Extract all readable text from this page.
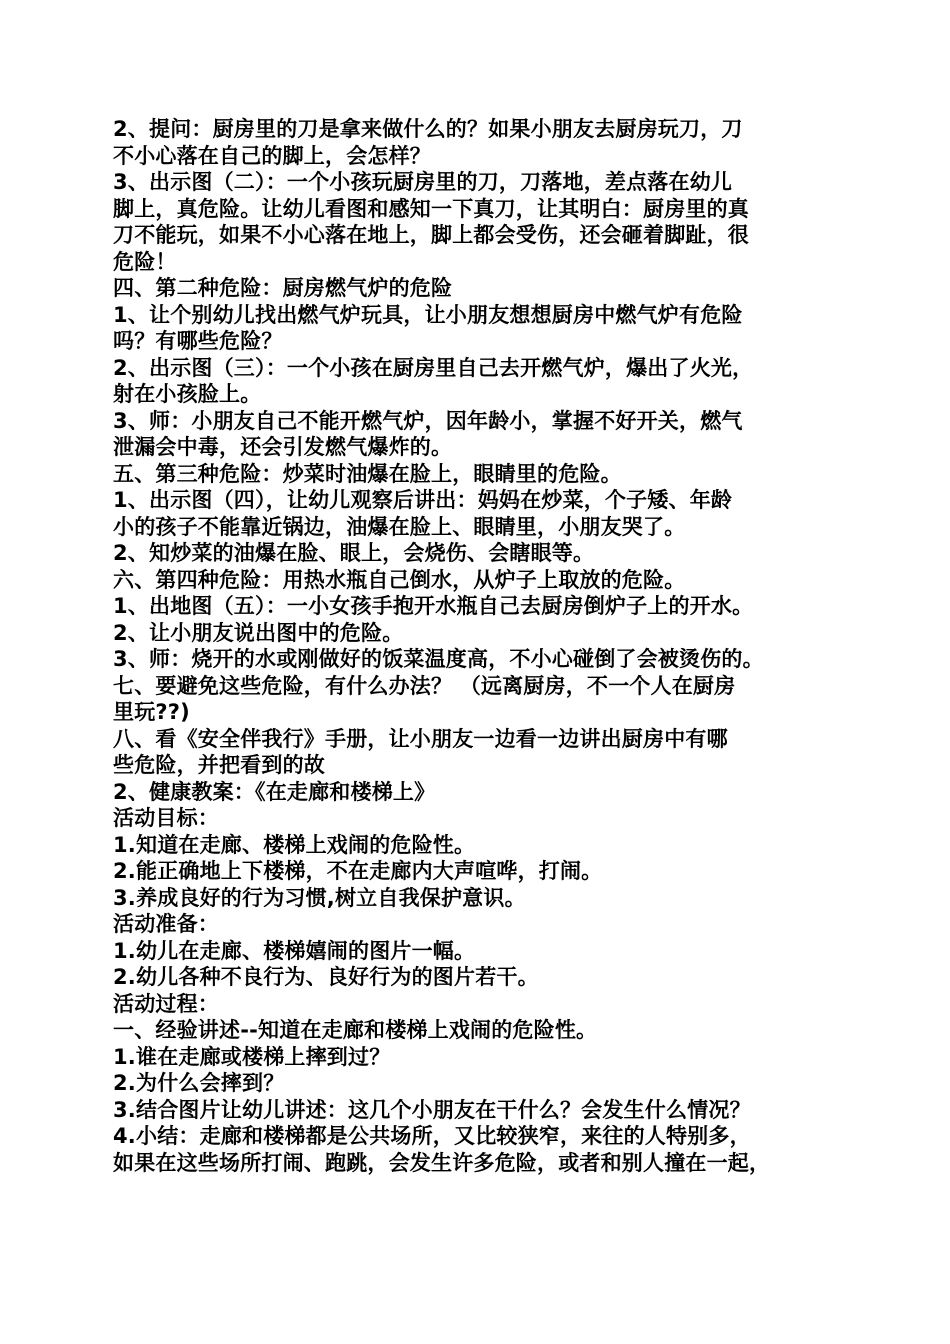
2、提问：厨房里的刀是拿来做什么的？如果小朋友去厨房玩刀，刀
不小心落在自己的脚上，会怎样？
3、出示图（二）：一个小孩玩厨房里的刀，刀落地，差点落在幼儿
脚上，真危险。让幼儿看图和感知一下真刀，让其明白：厨房里的真
刀不能玩，如果不小心落在地上，脚上都会受伤，还会砸着脚趾，很
危险！
四、第二种危险：厨房燃气炉的危险
1、让个别幼儿找出燃气炉玩具，让小朋友想想厨房中燃气炉有危险
吗？有哪些危险？
2、出示图（三）：一个小孩在厨房里自己去开燃气炉，爆出了火光，
射在小孩脸上。
3、师：小朋友自己不能开燃气炉，因年龄小，掌握不好开关，燃气
泄漏会中毒，还会引发燃气爆炸的。
五、第三种危险：炒菜时油爆在脸上，眼睛里的危险。
1、出示图（四），让幼儿观察后讲出：妈妈在炒菜，个子矮、年龄
小的孩子不能靠近锅边，油爆在脸上、眼睛里，小朋友哭了。
2、知炒菜的油爆在脸、眼上，会烧伤、会瞎眼等。
六、第四种危险：用热水瓶自己倒水，从炉子上取放的危险。
1、出地图（五）：一小女孩手抱开水瓶自己去厨房倒炉子上的开水。
2、让小朋友说出图中的危险。
3、师：烧开的水或刚做好的饭菜温度高，不小心碰倒了会被烫伤的。
七、要避免这些危险，有什么办法？ （远离厨房，不一个人在厨房
里玩??)
八、看《安全伴我行》手册，让小朋友一边看一边讲出厨房中有哪
些危险，并把看到的故
2、健康教案：《在走廊和楼梯上》
活动目标：
1.知道在走廊、楼梯上戏闹的危险性。
2.能正确地上下楼梯，不在走廊内大声喧哗，打闹。
3.养成良好的行为习惯,树立自我保护意识。
活动准备：
1.幼儿在走廊、楼梯嬉闹的图片一幅。
2.幼儿各种不良行为、良好行为的图片若干。
活动过程：
一、经验讲述--知道在走廊和楼梯上戏闹的危险性。
1.谁在走廊或楼梯上摔到过？
2.为什么会摔到？
3.结合图片让幼儿讲述：这几个小朋友在干什么？会发生什么情况？
4.小结：走廊和楼梯都是公共场所，又比较狭窄，来往的人特别多，
如果在这些场所打闹、跑跳，会发生许多危险，或者和别人撞在一起，
